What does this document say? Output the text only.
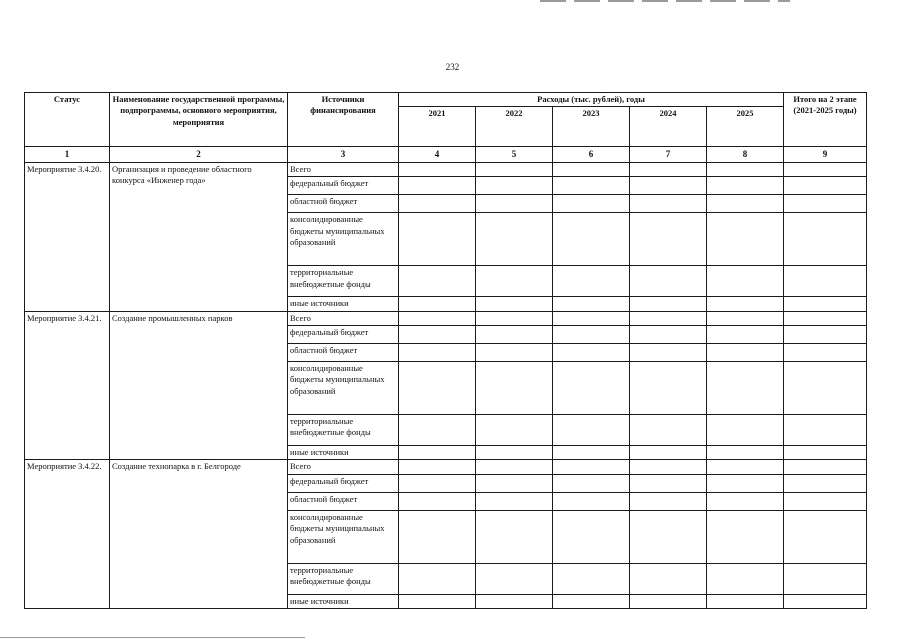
232
Статус	Наименование государственной программы, подпрограммы, основного мероприятия, мероприятия	Источники финансирования	Расходы (тыс. рублей), годы					Итого на 2 этапе (2021-2025 годы)
			2021	2022	2023	2024	2025	
1	2	3	4	5	6	7	8	9
Мероприятие 3.4.20.	Организация и проведение областного конкурса «Инженер года»	Всего						
		федеральный бюджет						
		областной бюджет						
		консолидированные бюджеты муниципальных образований						
		территориальные внебюджетные фонды						
		иные источники						
Мероприятие 3.4.21.	Создание промышленных парков	Всего						
		федеральный бюджет						
		областной бюджет						
		консолидированные бюджеты муниципальных образований						
		территориальные внебюджетные фонды						
		иные источники						
Мероприятие 3.4.22.	Создание технопарка в г. Белгороде	Всего						
		федеральный бюджет						
		областной бюджет						
		консолидированные бюджеты муниципальных образований						
		территориальные внебюджетные фонды						
		иные источники						
